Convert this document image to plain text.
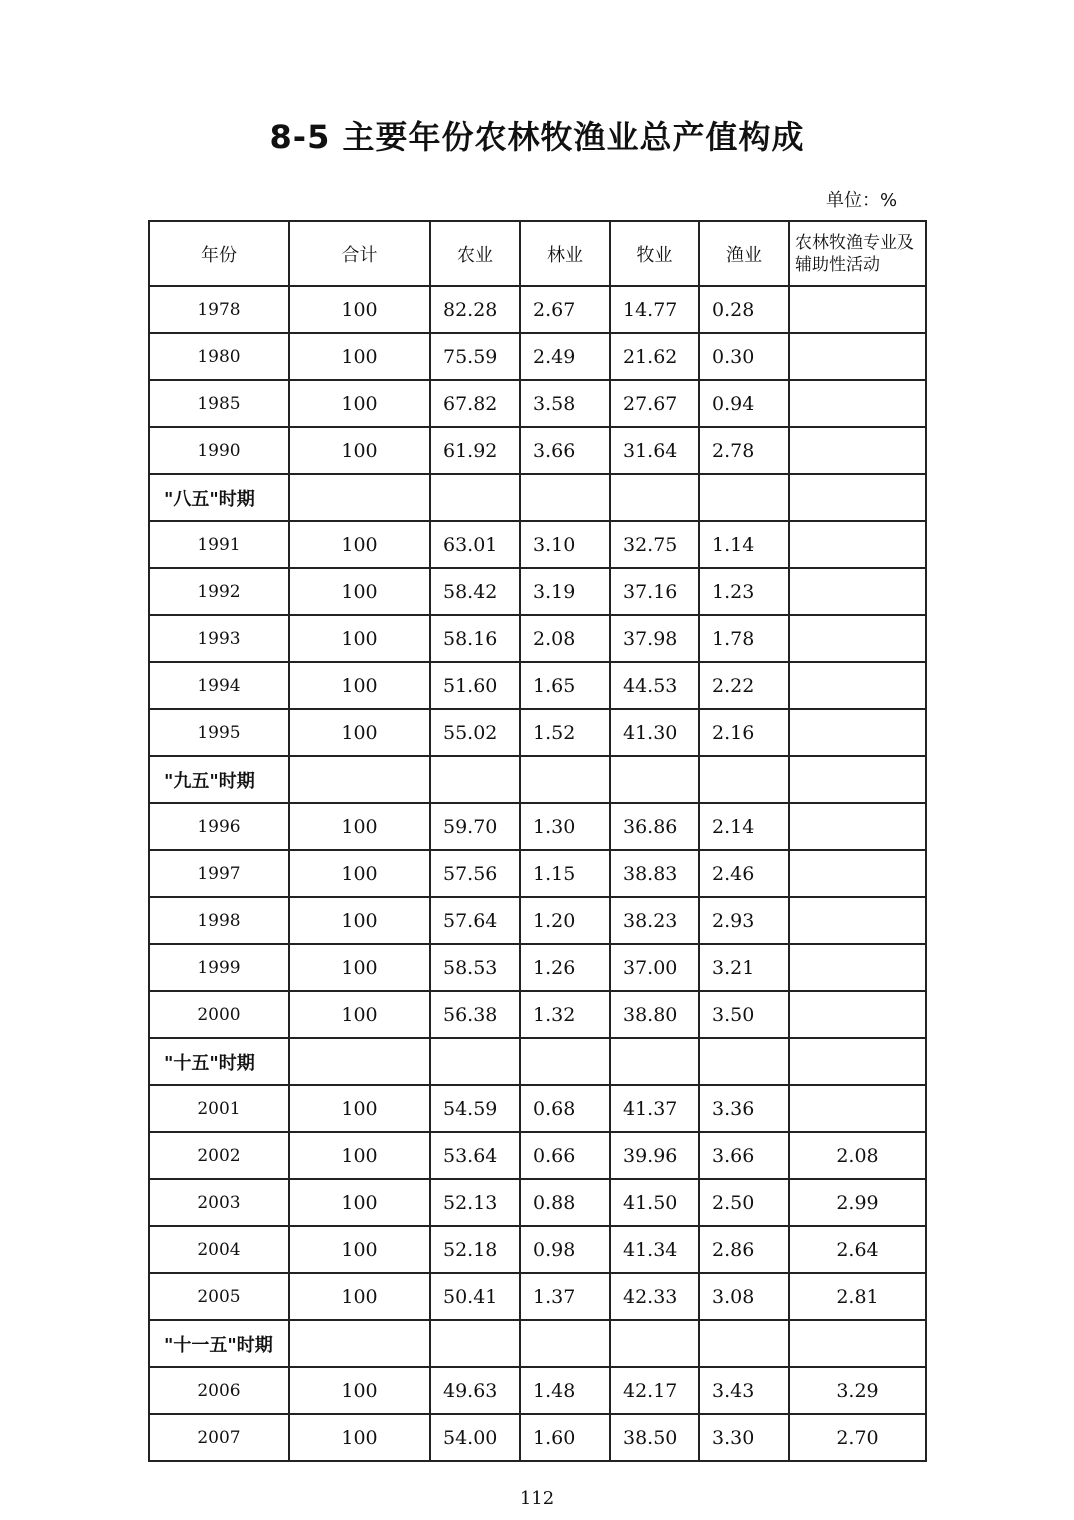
8-5 主要年份农林牧渔业总产值构成
单位：%
年份	合计	农业	林业	牧业	渔业	农林牧渔专业及辅助性活动
1978	100	82.28	2.67	14.77	0.28	
1980	100	75.59	2.49	21.62	0.30	
1985	100	67.82	3.58	27.67	0.94	
1990	100	61.92	3.66	31.64	2.78	
"八五"时期						
1991	100	63.01	3.10	32.75	1.14	
1992	100	58.42	3.19	37.16	1.23	
1993	100	58.16	2.08	37.98	1.78	
1994	100	51.60	1.65	44.53	2.22	
1995	100	55.02	1.52	41.30	2.16	
"九五"时期						
1996	100	59.70	1.30	36.86	2.14	
1997	100	57.56	1.15	38.83	2.46	
1998	100	57.64	1.20	38.23	2.93	
1999	100	58.53	1.26	37.00	3.21	
2000	100	56.38	1.32	38.80	3.50	
"十五"时期						
2001	100	54.59	0.68	41.37	3.36	
2002	100	53.64	0.66	39.96	3.66	2.08
2003	100	52.13	0.88	41.50	2.50	2.99
2004	100	52.18	0.98	41.34	2.86	2.64
2005	100	50.41	1.37	42.33	3.08	2.81
"十一五"时期						
2006	100	49.63	1.48	42.17	3.43	3.29
2007	100	54.00	1.60	38.50	3.30	2.70
112
